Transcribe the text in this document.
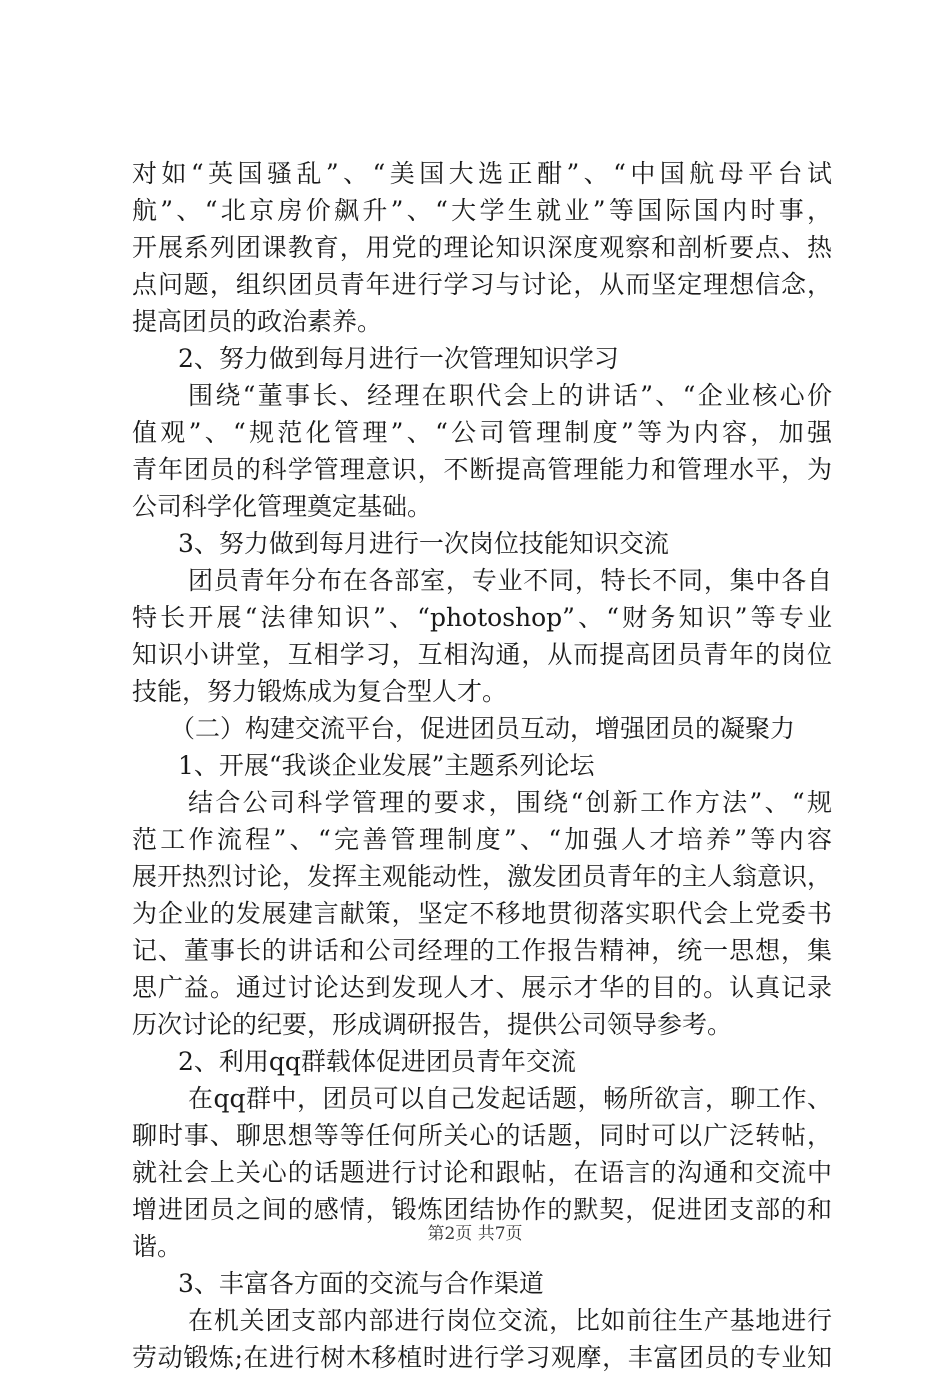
对如“英国骚乱”、“美国大选正酣”、“中国航母平台试
航”、“北京房价飙升”、“大学生就业”等国际国内时事，
开展系列团课教育，用党的理论知识深度观察和剖析要点、热
点问题，组织团员青年进行学习与讨论，从而坚定理想信念，
提高团员的政治素养。
2、努力做到每月进行一次管理知识学习
围绕“董事长、经理在职代会上的讲话”、“企业核心价
值观”、“规范化管理”、“公司管理制度”等为内容，加强
青年团员的科学管理意识，不断提高管理能力和管理水平，为
公司科学化管理奠定基础。
3、努力做到每月进行一次岗位技能知识交流
团员青年分布在各部室，专业不同，特长不同，集中各自
特长开展“法律知识”、“photoshop”、“财务知识”等专业
知识小讲堂，互相学习，互相沟通，从而提高团员青年的岗位
技能，努力锻炼成为复合型人才。
（二）构建交流平台，促进团员互动，增强团员的凝聚力
1、开展“我谈企业发展”主题系列论坛
结合公司科学管理的要求，围绕“创新工作方法”、“规
范工作流程”、“完善管理制度”、“加强人才培养”等内容
展开热烈讨论，发挥主观能动性，激发团员青年的主人翁意识，
为企业的发展建言献策，坚定不移地贯彻落实职代会上党委书
记、董事长的讲话和公司经理的工作报告精神，统一思想，集
思广益。通过讨论达到发现人才、展示才华的目的。认真记录
历次讨论的纪要，形成调研报告，提供公司领导参考。
2、利用qq群载体促进团员青年交流
在qq群中，团员可以自己发起话题，畅所欲言，聊工作、
聊时事、聊思想等等任何所关心的话题，同时可以广泛转帖，
就社会上关心的话题进行讨论和跟帖，在语言的沟通和交流中
增进团员之间的感情，锻炼团结协作的默契，促进团支部的和
谐。
3、丰富各方面的交流与合作渠道
在机关团支部内部进行岗位交流，比如前往生产基地进行
劳动锻炼;在进行树木移植时进行学习观摩，丰富团员的专业知
第2页 共7页
